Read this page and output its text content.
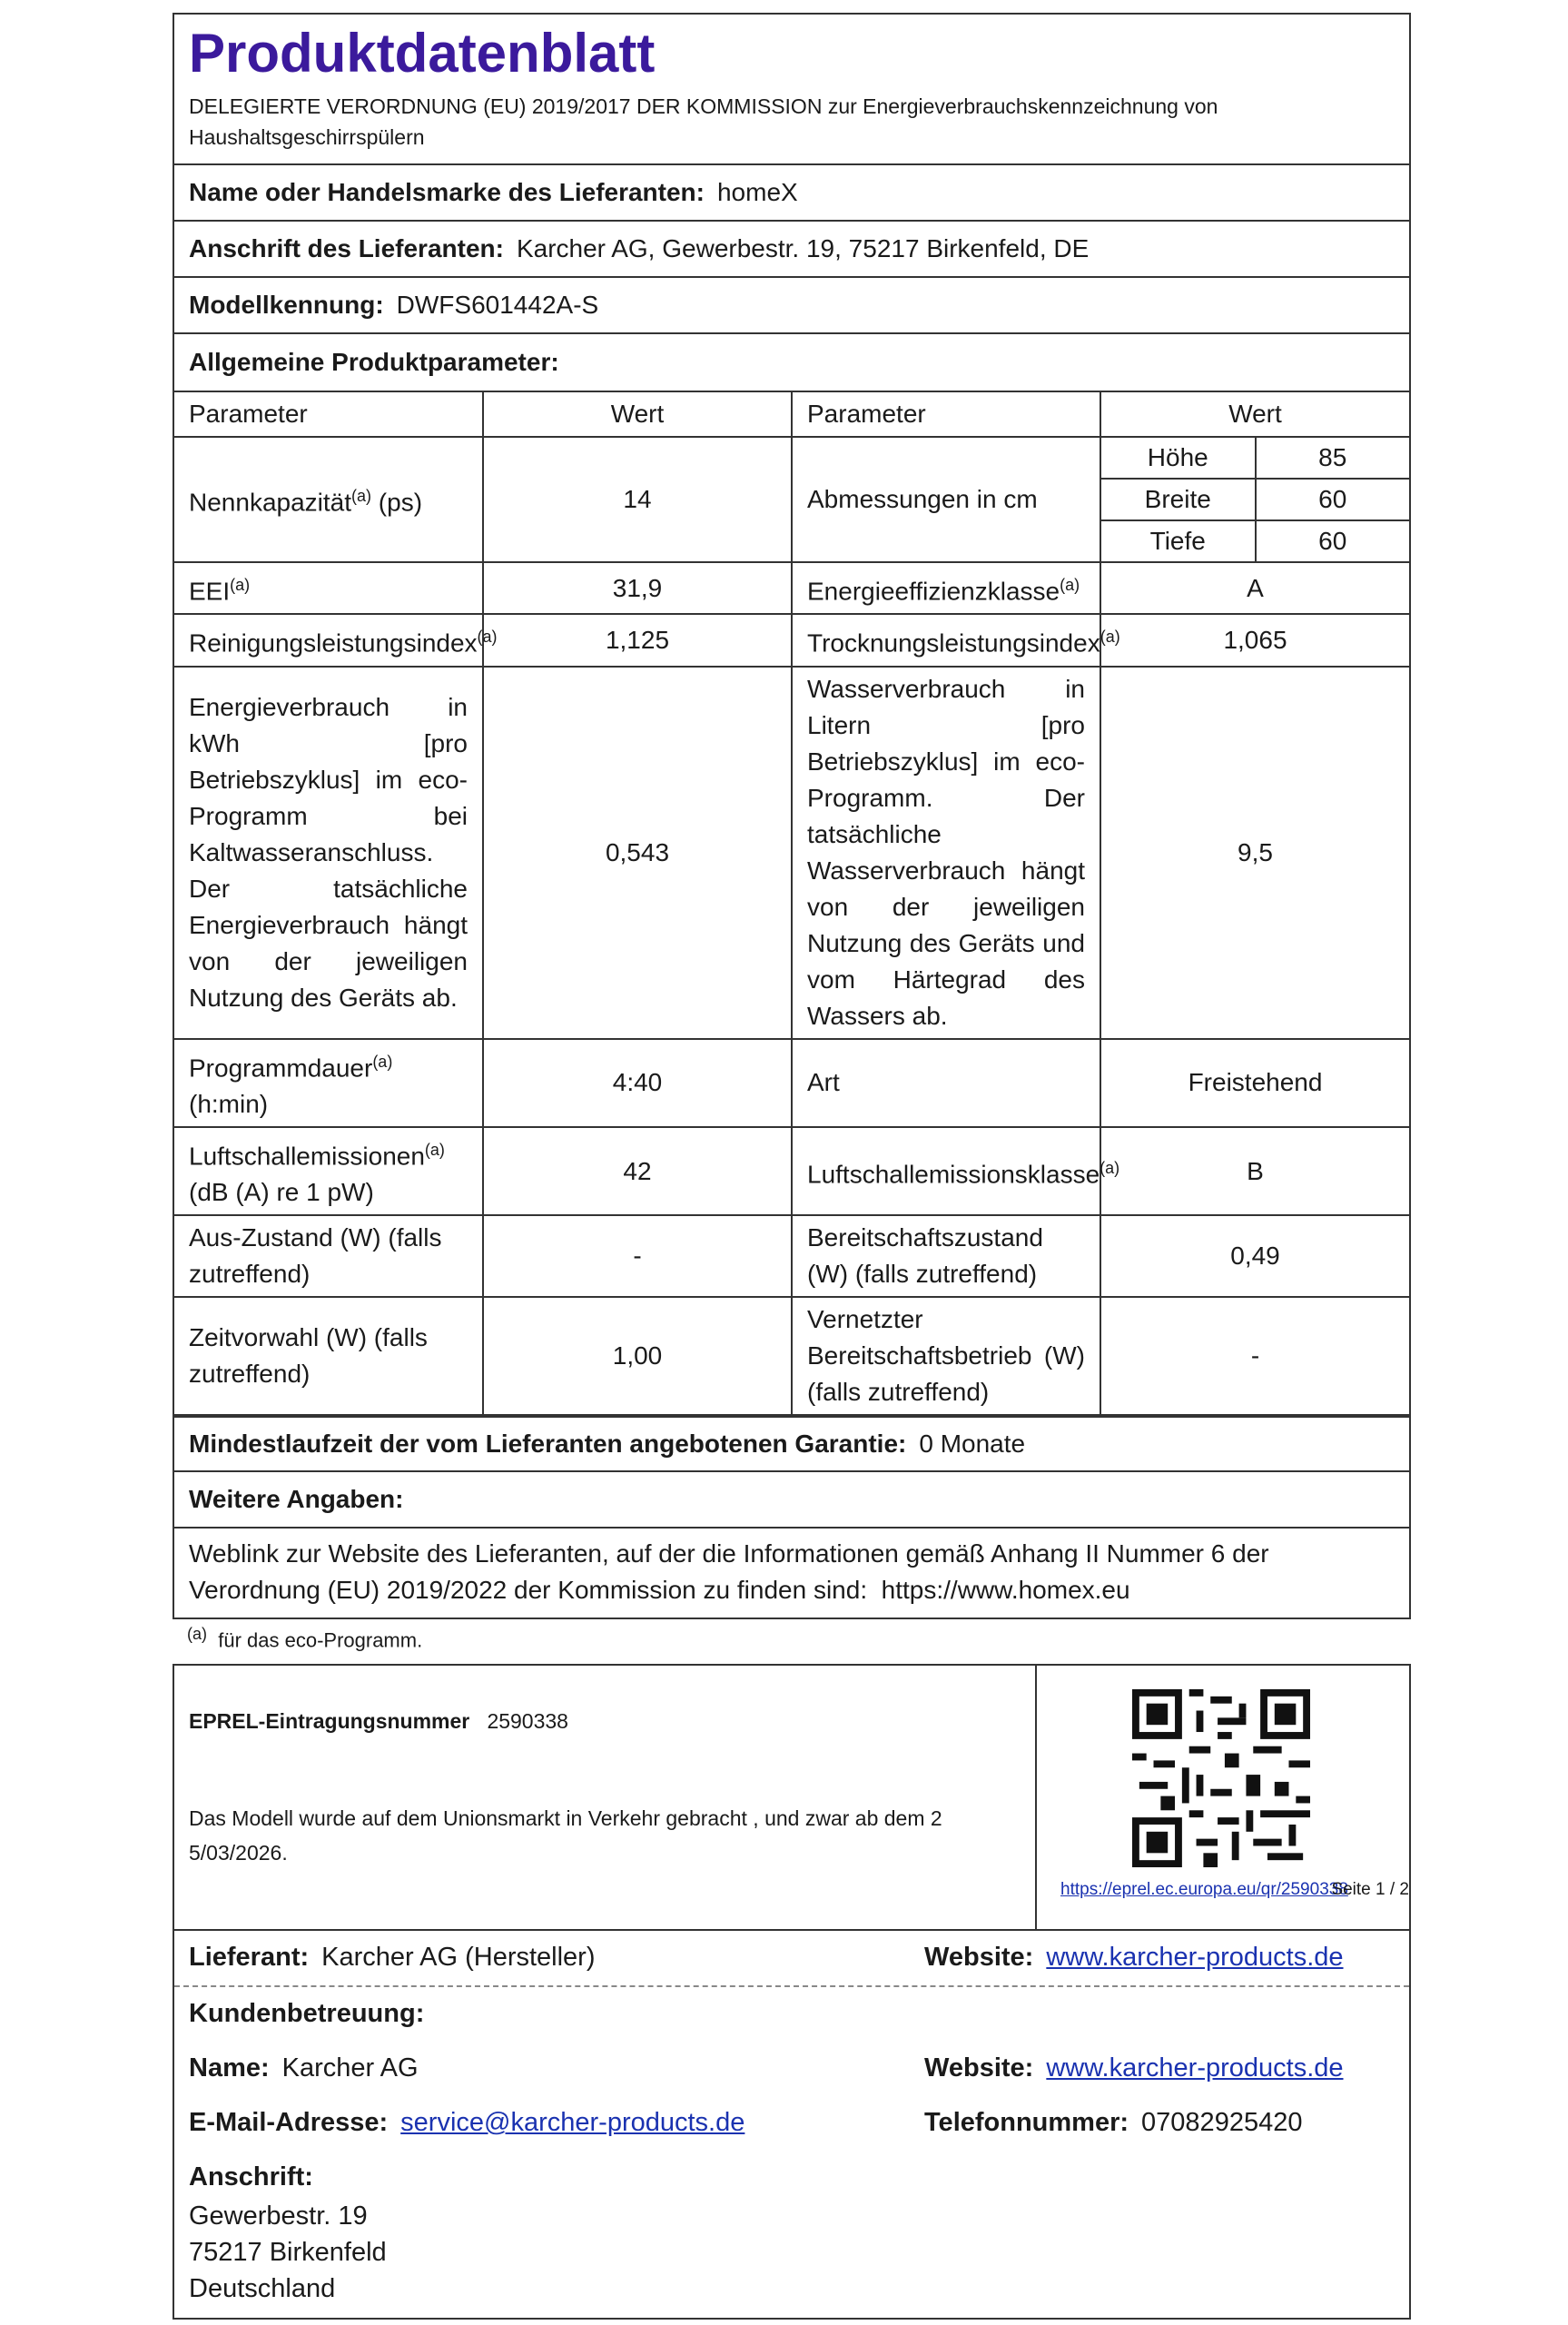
Produktdatenblatt
DELEGIERTE VERORDNUNG (EU) 2019/2017 DER KOMMISSION zur Energieverbrauchskennzeichnung von Haushaltsgeschirrspülern
Name oder Handelsmarke des Lieferanten: homeX
Anschrift des Lieferanten: Karcher AG, Gewerbestr. 19, 75217 Birkenfeld, DE
Modellkennung: DWFS601442A-S
Allgemeine Produktparameter:
Parameter	Wert	Parameter	Wert
Nennkapazität$^{(a)}$ (ps)	14	Abmessungen in cm	
Höhe	85
Breite	60
Tiefe	60

EEI$^{(a)}$	31,9	Energieeffizienzklasse$^{(a)}$	A
Reinigungsleistungsindex$^{(a)}$	1,125	Trocknungsleistungsindex$^{(a)}$	1,065
Energieverbrauch in kWh [pro Betriebszyklus] im eco-Programm bei Kaltwasseranschluss. Der tatsächliche Energieverbrauch hängt von der jeweiligen Nutzung des Geräts ab.	0,543	Wasserverbrauch in Litern [pro Betriebszyklus] im eco-Programm. Der tatsächliche Wasserverbrauch hängt von der jeweiligen Nutzung des Geräts und vom Härtegrad des Wassers ab.	9,5
Programmdauer$^{(a)}$ (h:min)	4:40	Art	Freistehend
Luftschallemissionen$^{(a)}$ (dB (A) re 1 pW)	42	Luftschallemissionsklasse$^{(a)}$	B
Aus-Zustand (W) (falls zutreffend)	-	Bereitschaftszustand (W) (falls zutreffend)	0,49
Zeitvorwahl (W) (falls zutreffend)	1,00	Vernetzter Bereitschaftsbetrieb (W) (falls zutreffend)	-
Mindestlaufzeit der vom Lieferanten angebotenen Garantie: 0 Monate
Weitere Angaben:
Weblink zur Website des Lieferanten, auf der die Informationen gemäß Anhang II Nummer 6 der Verordnung (EU) 2019/2022 der Kommission zu finden sind: https://www.homex.eu
$^{(a)}$ für das eco-Programm.
EPREL-Eintragungsnummer 2590338
Das Modell wurde auf dem Unionsmarkt in Verkehr gebracht , und zwar ab dem 2 5/03/2026.
https://eprel.ec.europa.eu/qr/2590338
Seite 1 / 2
Lieferant: Karcher AG (Hersteller)	Website: www.karcher-products.de
Kundenbetreuung:
Name: Karcher AG	Website: www.karcher-products.de
E-Mail-Adresse: service@karcher-products.de	Telefonnummer: 07082925420
Anschrift:
Gewerbestr. 19
75217 Birkenfeld
Deutschland
